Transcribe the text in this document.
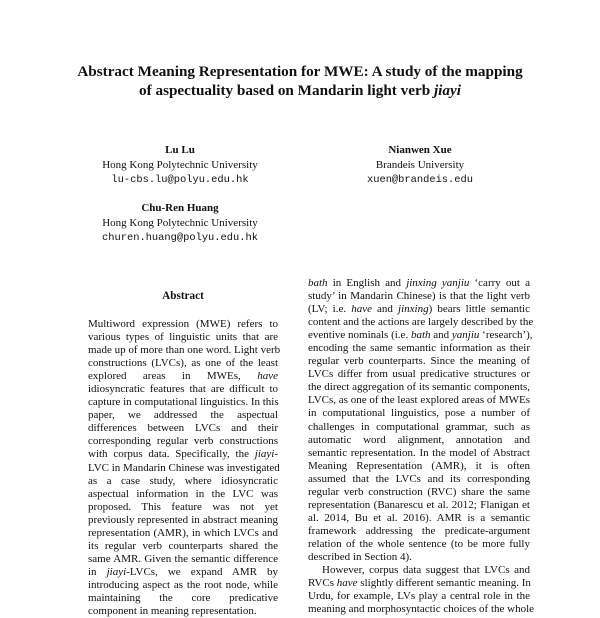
Abstract Meaning Representation for MWE: A study of the mapping
of aspectuality based on Mandarin light verb jiayi
Lu Lu
Hong Kong Polytechnic University
lu-cbs.lu@polyu.edu.hk
Nianwen Xue
Brandeis University
xuen@brandeis.edu
Chu-Ren Huang
Hong Kong Polytechnic University
churen.huang@polyu.edu.hk
Abstract
Multiword expression (MWE) refers to
various types of linguistic units that are
made up of more than one word. Light verb
constructions (LVCs), as one of the least
explored areas in MWEs, have
idiosyncratic features that are difficult to
capture in computational linguistics. In this
paper, we addressed the aspectual
differences between LVCs and their
corresponding regular verb constructions
with corpus data. Specifically, the jiayi-
LVC in Mandarin Chinese was investigated
as a case study, where idiosyncratic
aspectual information in the LVC was
proposed. This feature was not yet
previously represented in abstract meaning
representation (AMR), in which LVCs and
its regular verb counterparts shared the
same AMR. Given the semantic difference
in jiayi-LVCs, we expand AMR by
introducing aspect as the root node, while
maintaining the core predicative
component in meaning representation.
bath in English and jinxing yanjiu ‘carry out a
study’ in Mandarin Chinese) is that the light verb
(LV; i.e. have and jinxing) bears little semantic
content and the actions are largely described by the
eventive nominals (i.e. bath and yanjiu ‘research’),
encoding the same semantic information as their
regular verb counterparts. Since the meaning of
LVCs differ from usual predicative structures or
the direct aggregation of its semantic components,
LVCs, as one of the least explored areas of MWEs
in computational linguistics, pose a number of
challenges in computational grammar, such as
automatic word alignment, annotation and
semantic representation. In the model of Abstract
Meaning Representation (AMR), it is often
assumed that the LVCs and its corresponding
regular verb construction (RVC) share the same
representation (Banarescu et al. 2012; Flanigan et
al. 2014, Bu et al. 2016). AMR is a semantic
framework addressing the predicate-argument
relation of the whole sentence (to be more fully
described in Section 4).
However, corpus data suggest that LVCs and
RVCs have slightly different semantic meaning. In
Urdu, for example, LVs play a central role in the
meaning and morphosyntactic choices of the whole
